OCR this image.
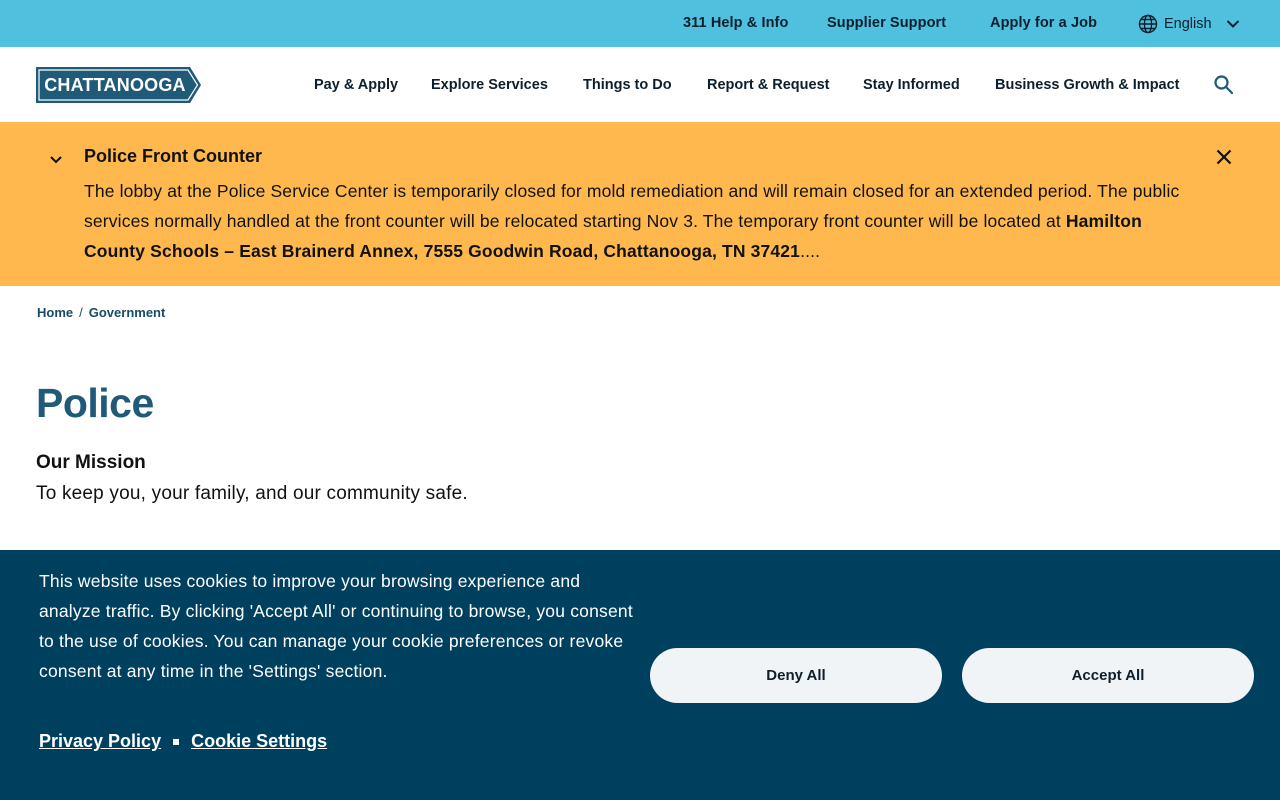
311 Help & Info	Supplier Support	Apply for a Job	English
CHATTANOOGA	Pay & Apply Explore Services Things to Do Report & Request Stay Informed Business Growth & Impact
Police Front Counter

The lobby at the Police Service Center is temporarily closed for mold remediation and will remain closed for an extended period. The public services normally handled at the front counter will be relocated starting Nov 3. The temporary front counter will be located at Hamilton County Schools – East Brainerd Annex, 7555 Goodwin Road, Chattanooga, TN 37421....

Home / Government
Police
Our Mission

To keep you, your family, and our community safe.

This website uses cookies to improve your browsing experience and analyze traffic. By clicking 'Accept All' or continuing to browse, you consent to the use of cookies. You can manage your cookie preferences or revoke consent at any time in the 'Settings' section.

Privacy Policy Cookie Settings
Deny All	Accept All
